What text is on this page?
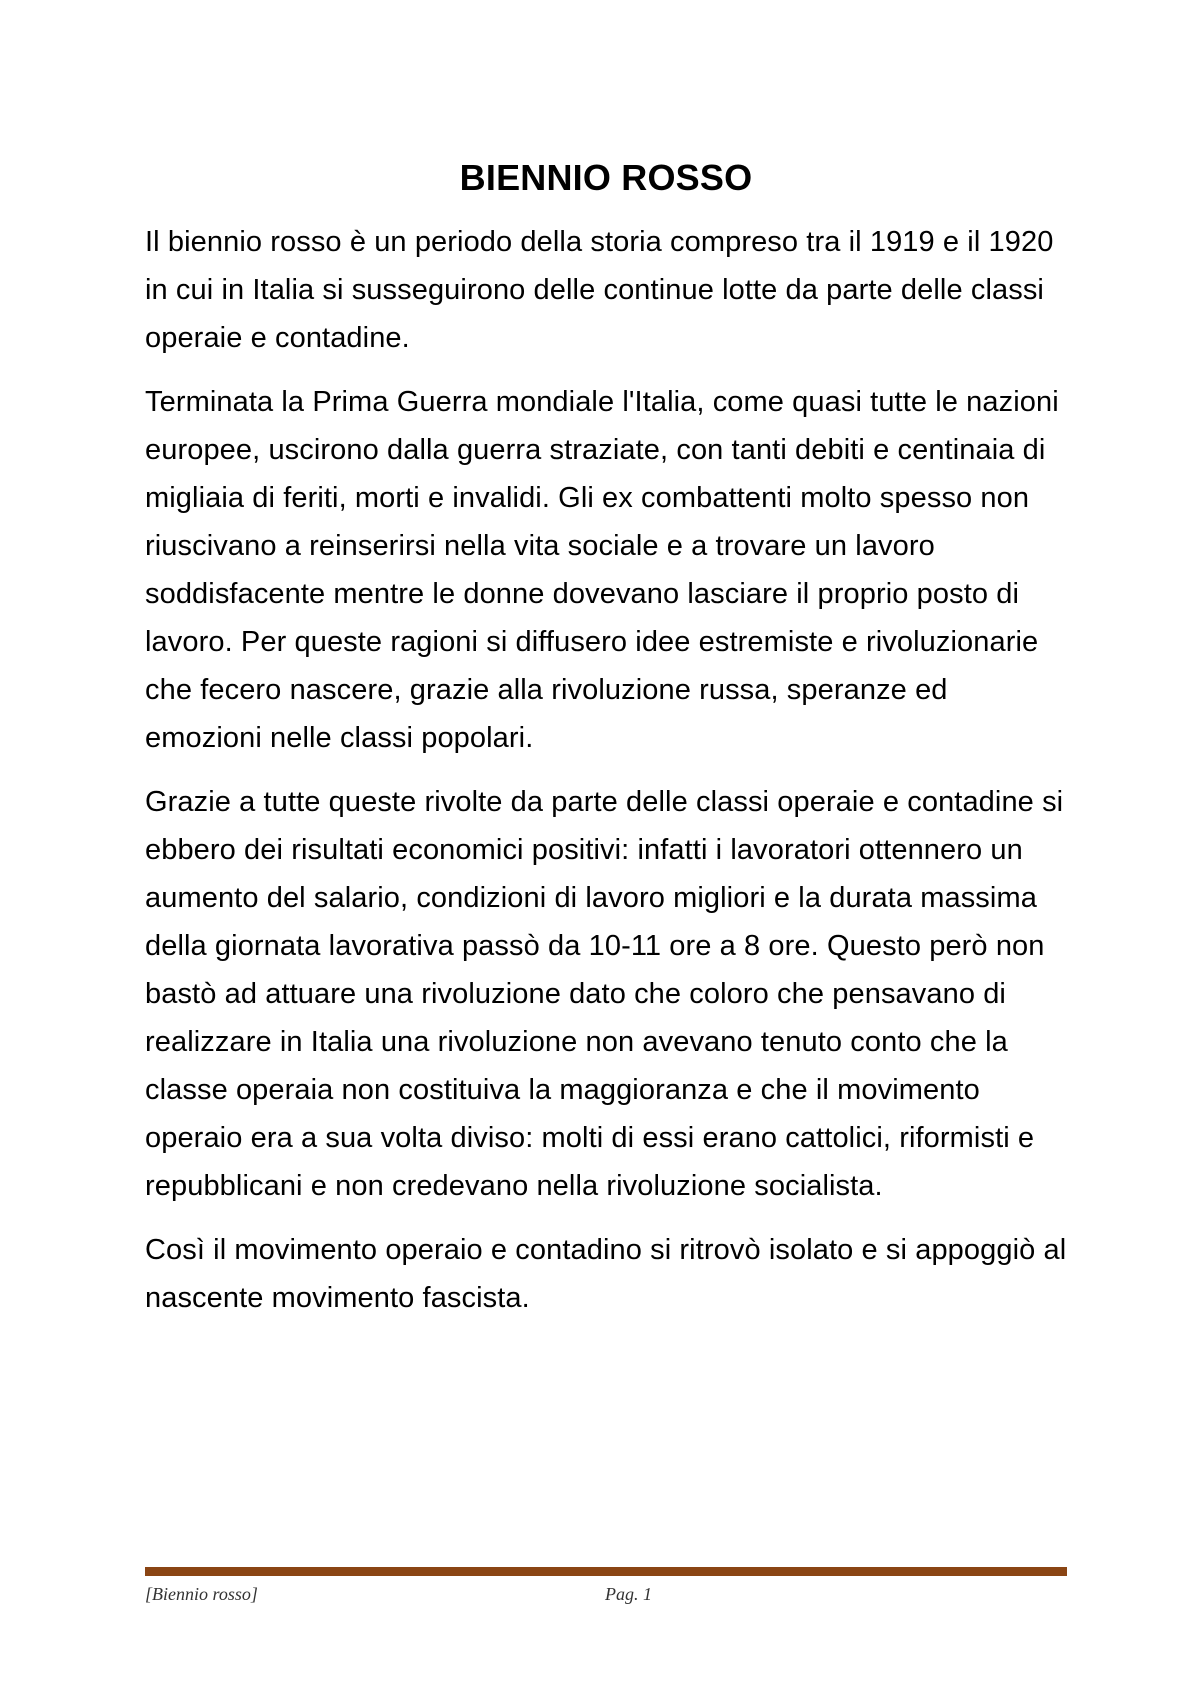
BIENNIO ROSSO

Il biennio rosso è un periodo della storia compreso tra il 1919 e il 1920 in cui in Italia si susseguirono delle continue lotte da parte delle classi operaie e contadine.

Terminata la Prima Guerra mondiale l'Italia, come quasi tutte le nazioni europee, uscirono dalla guerra straziate, con tanti debiti e centinaia di migliaia di feriti, morti e invalidi. Gli ex combattenti molto spesso non riuscivano a reinserirsi nella vita sociale e a trovare un lavoro soddisfacente mentre le donne dovevano lasciare il proprio posto di lavoro. Per queste ragioni si diffusero idee estremiste e rivoluzionarie che fecero nascere, grazie alla rivoluzione russa, speranze ed emozioni nelle classi popolari.

Grazie a tutte queste rivolte da parte delle classi operaie e contadine si ebbero dei risultati economici positivi: infatti i lavoratori ottennero un aumento del salario, condizioni di lavoro migliori e la durata massima della giornata lavorativa passò da 10-11 ore a 8 ore. Questo però non bastò ad attuare una rivoluzione dato che coloro che pensavano di realizzare in Italia una rivoluzione non avevano tenuto conto che la classe operaia non costituiva la maggioranza e che il movimento operaio era a sua volta diviso: molti di essi erano cattolici, riformisti e repubblicani e non credevano nella rivoluzione socialista.

Così il movimento operaio e contadino si ritrovò isolato e si appoggiò al nascente movimento fascista.

[Biennio rosso]	Pag. 1
